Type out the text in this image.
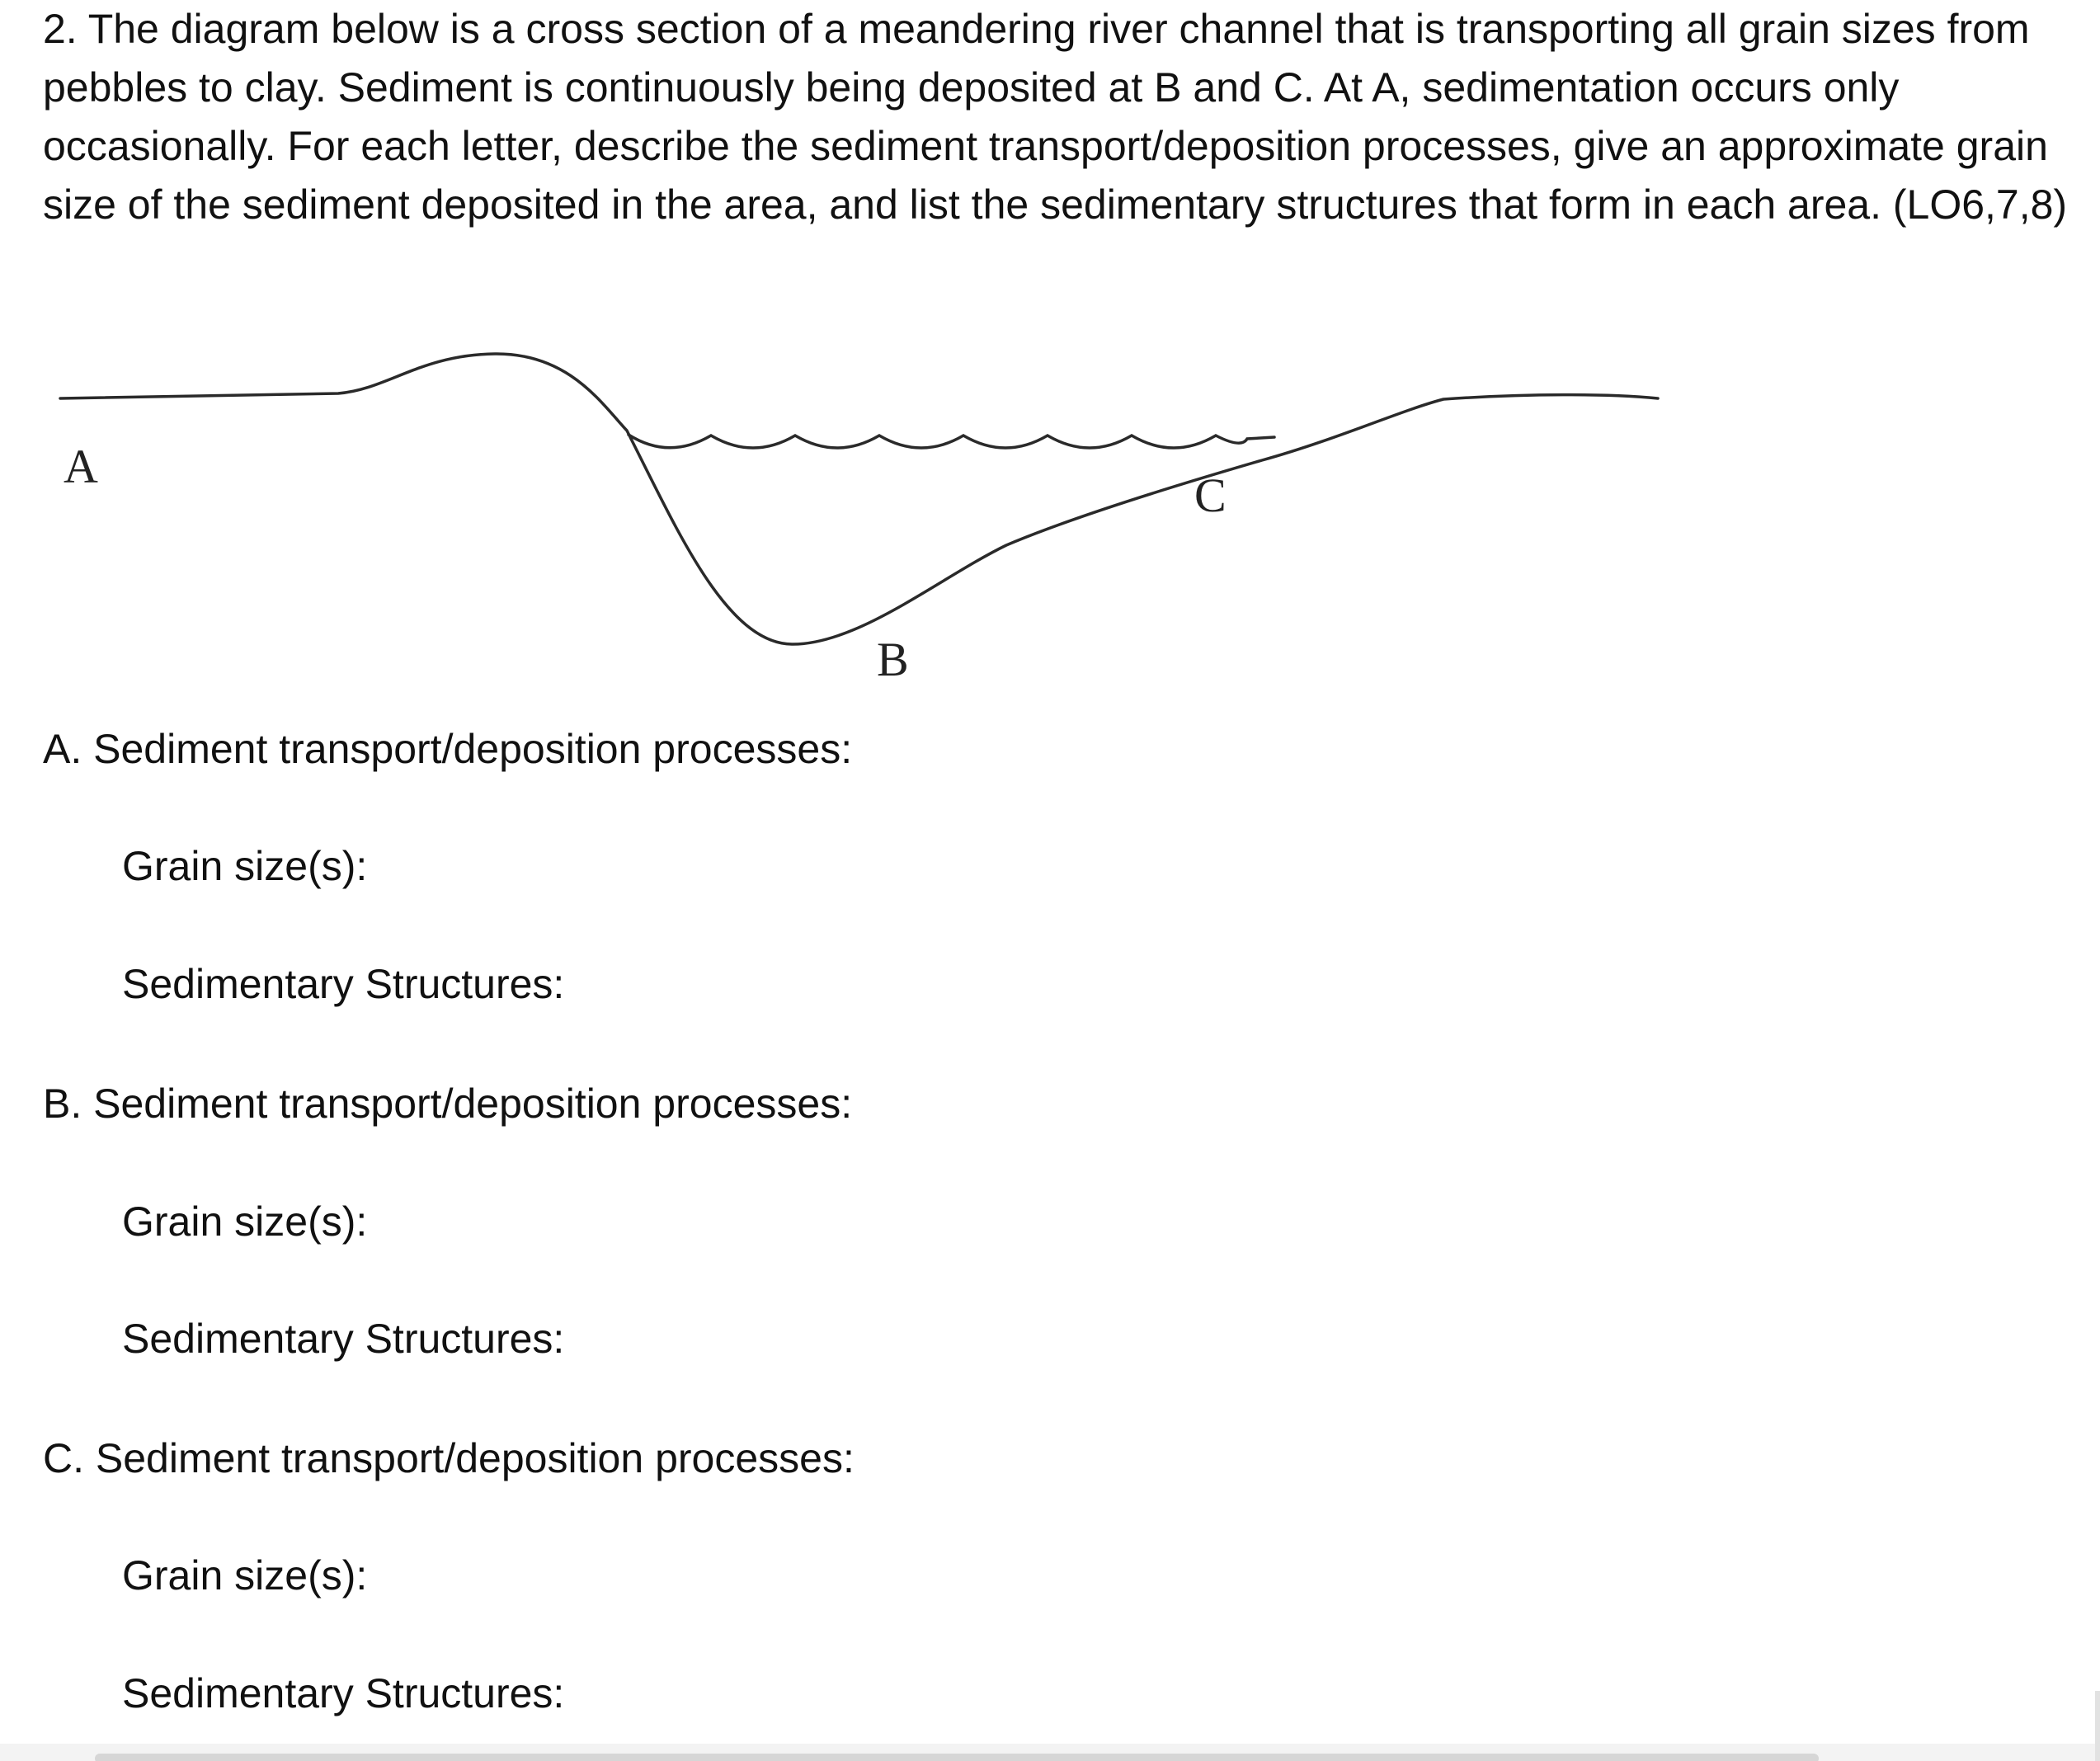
2. The diagram below is a cross section of a meandering river channel that is transporting all grain sizes from pebbles to clay. Sediment is continuously being deposited at B and C. At A, sedimentation occurs only occasionally. For each letter, describe the sediment transport/deposition processes, give an approximate grain size of the sediment deposited in the area, and list the sedimentary structures that form in each area. (LO6,7,8)

A
C
B

A. Sediment transport/deposition processes:

Grain size(s):

Sedimentary Structures:

B. Sediment transport/deposition processes:

Grain size(s):

Sedimentary Structures:

C. Sediment transport/deposition processes:

Grain size(s):

Sedimentary Structures:
